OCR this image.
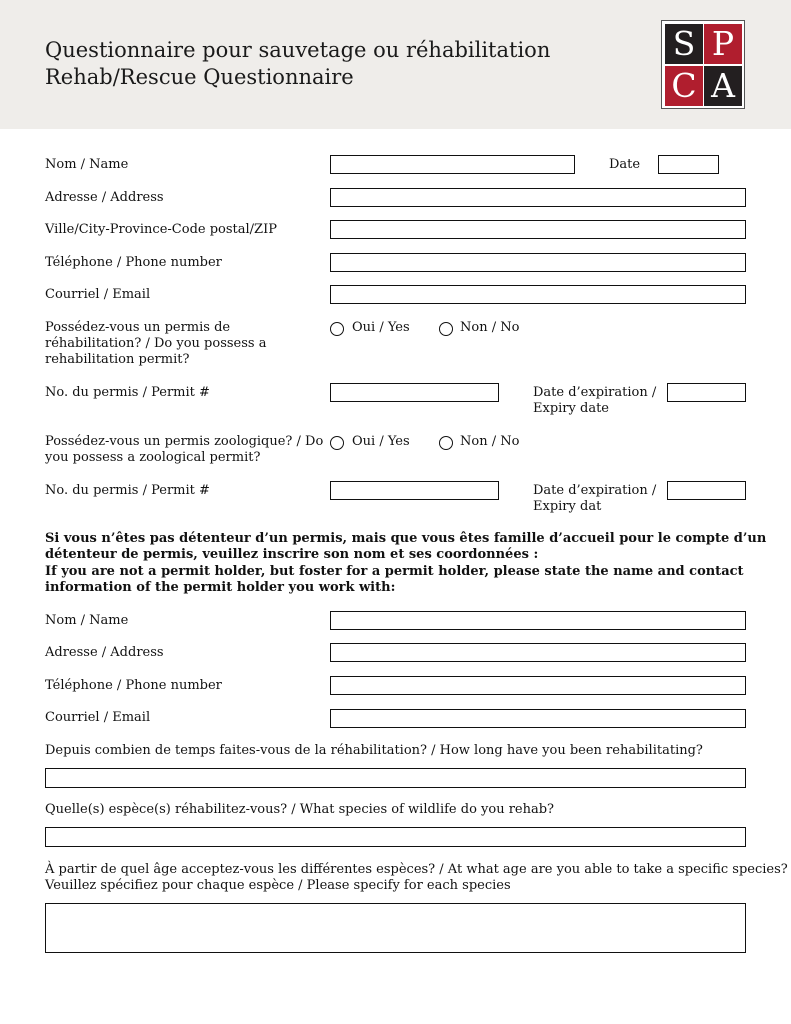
Questionnaire pour sauvetage ou réhabilitation
Rehab/Rescue Questionnaire
S P
C A
Nom / Name	Date
Adresse / Address
Ville/City-Province-Code postal/ZIP
Téléphone / Phone number
Courriel / Email
Possédez-vous un permis de
réhabilitation? / Do you possess a
rehabilitation permit?
Oui / Yes	Non / No
No. du permis / Permit #	Date d’expiration /
Expiry date
Possédez-vous un permis zoologique? / Do
you possess a zoological permit?
Oui / Yes	Non / No
No. du permis / Permit #	Date d’expiration /
Expiry dat
Si vous n’êtes pas détenteur d’un permis, mais que vous êtes famille d’accueil pour le compte d’un
détenteur de permis, veuillez inscrire son nom et ses coordonnées :
If you are not a permit holder, but foster for a permit holder, please state the name and contact
information of the permit holder you work with:
Nom / Name
Adresse / Address
Téléphone / Phone number
Courriel / Email
Depuis combien de temps faites-vous de la réhabilitation? / How long have you been rehabilitating?
Quelle(s) espèce(s) réhabilitez-vous? / What species of wildlife do you rehab?
À partir de quel âge acceptez-vous les différentes espèces? / At what age are you able to take a specific species?
Veuillez spécifiez pour chaque espèce / Please specify for each species
